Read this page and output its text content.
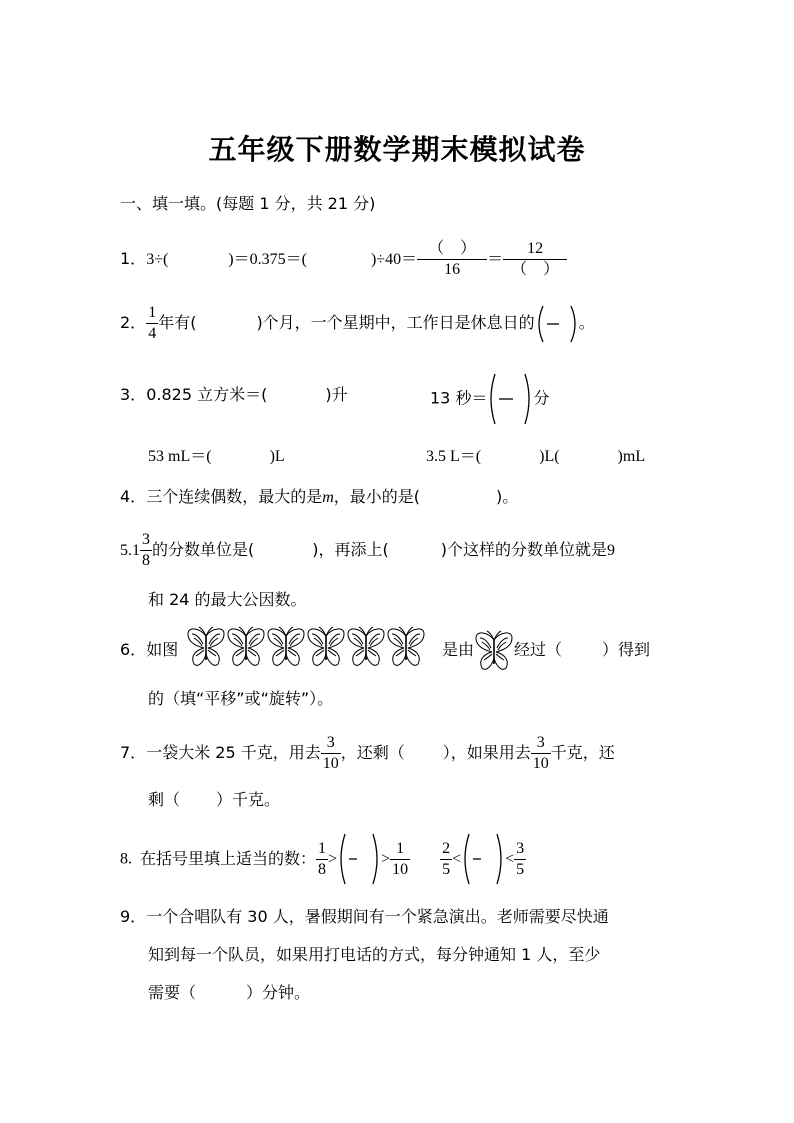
五年级下册数学期末模拟试卷
一、填一填。(每题 1 分，共 21 分)
1．3÷(	)＝0.375＝(	)$\div 40= \frac{( )}{16} = \frac{12}{( )}$
2． $\frac{1}{4}$ 年有(	)个月，一个星期中，工作日是休息日的	。
3．0.825 立方米＝(	)升	13 秒＝	分
53 mL＝(	)L	3.5 L＝(	)L(	)mL
4．三个连续偶数，最大的是m，最小的是(	)。
$5.1 \frac{3}{8}$ 的分数单位是(	)，再添上(	)个这样的分数单位就是9
和 24 的最大公因数。
6．如图	是由	经过（	）得到
的（填“平移”或“旋转”）。
7．一袋大米 25 千克，用去 $\frac{3}{10}$ ，还剩（ ），如果用去 $\frac{3}{10}$ 千克，还
剩（ ）千克。
8. 在括号里填上适当的数： $\frac{1}{8}$ >	> $\frac{1}{10} \frac{2}{5}$ <	< $\frac{3}{5}$
9．一个合唱队有 30 人，暑假期间有一个紧急演出。老师需要尽快通
知到每一个队员，如果用打电话的方式，每分钟通知 1 人，至少
需要（	）分钟。
